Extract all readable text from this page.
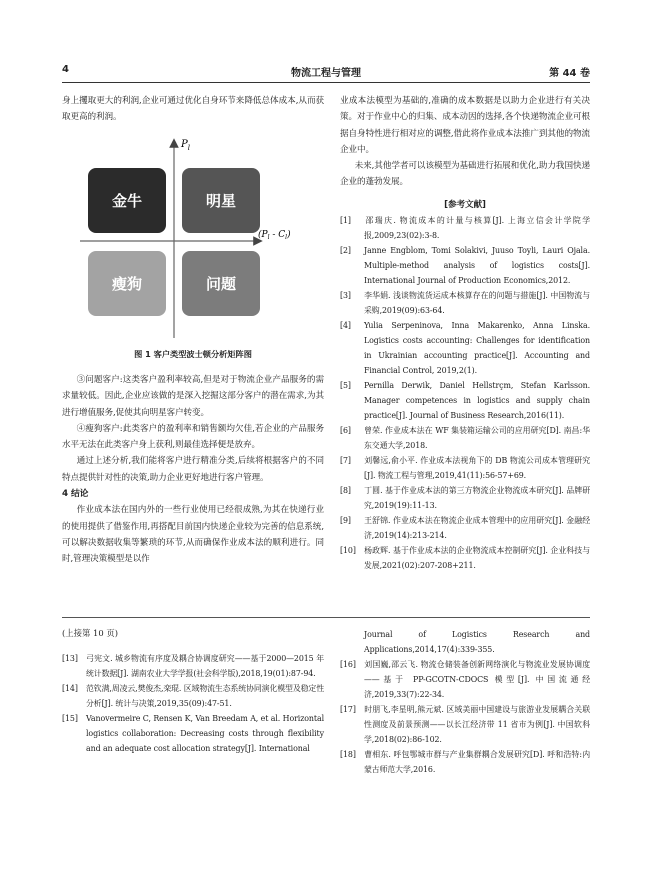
4	物流工程与管理	第 44 卷

身上攫取更大的利润,企业可通过优化自身环节来降低总体成本,从而获取更高的利润。

金牛	明星
瘦狗	问题
$P_l$
$(P_l - C_l)$
图 1 客户类型波士顿分析矩阵图

③问题客户:这类客户盈利率较高,但是对于物流企业产品服务的需求量较低。因此,企业应该做的是深入挖掘这部分客户的潜在需求,为其进行增值服务,促使其向明星客户转变。

④瘦狗客户:此类客户的盈利率和销售额均欠佳,若企业的产品服务水平无法在此类客户身上获利,则最佳选择便是放弃。

通过上述分析,我们能将客户进行精准分类,后续将根据客户的不同特点提供针对性的决策,助力企业更好地进行客户管理。

4 结论

作业成本法在国内外的一些行业使用已经很成熟,为其在快递行业的使用提供了借鉴作用,再搭配目前国内快递企业较为完善的信息系统,可以解决数据收集等繁琐的环节,从而确保作业成本法的顺利进行。同时,管理决策模型是以作

业成本法模型为基础的,准确的成本数据是以助力企业进行有关决策。对于作业中心的归集、成本动因的选择,各个快递物流企业可根据自身特性进行相对应的调整,借此将作业成本法推广到其他的物流企业中。

未来,其他学者可以该模型为基础进行拓展和优化,助力我国快递企业的蓬勃发展。

[参考文献]

[1] 邵瑞庆. 物流成本的计量与核算[J]. 上海立信会计学院学报,2009,23(02):3-8.

[2] Janne Engblom, Tomi Solakivi, Juuso Toyli, Lauri Ojala. Multiple-method analysis of logistics costs[J]. International Journal of Production Economics,2012.

[3] 李华娟. 浅谈物流货运成本核算存在的问题与措施[J]. 中国物流与采购,2019(09):63-64.

[4] Yulia Serpeninova, Inna Makarenko, Anna Linska. Logistics costs accounting: Challenges for identification in Ukrainian accounting practice[J]. Accounting and Financial Control, 2019,2(1).

[5] Pernilla Derwik, Daniel Hellstrçm, Stefan Karlsson. Manager competences in logistics and supply chain practice[J]. Journal of Business Research,2016(11).

[6] 曾荣. 作业成本法在 WF 集装箱运输公司的应用研究[D]. 南昌:华东交通大学,2018.

[7] 刘馨远,俞小平. 作业成本法视角下的 DB 物流公司成本管理研究[J]. 物流工程与管理,2019,41(11):56-57+69.

[8] 丁圆. 基于作业成本法的第三方物流企业物流成本研究[J]. 品牌研究,2019(19):11-13.

[9] 王舒锦. 作业成本法在物流企业成本管理中的应用研究[J]. 金融经济,2019(14):213-214.

[10] 杨政辉. 基于作业成本法的企业物流成本控制研究[J]. 企业科技与发展,2021(02):207-208+211.

(上接第 10 页)

[13] 弓宪文. 城乡物流有序度及耦合协调度研究——基于2000—2015 年统计数据[J]. 湖南农业大学学报(社会科学版),2018,19(01):87-94.

[14] 范钦满,周凌云,樊俊杰,栾琨. 区域物流生态系统协同演化模型及稳定性分析[J]. 统计与决策,2019,35(09):47-51.

[15] Vanovermeire C, Rensen K, Van Breedam A, et al. Horizontal logistics collaboration: Decreasing costs through flexibility and an adequate cost allocation strategy[J]. International

Journal of Logistics Research and Applications,2014,17(4):339-355.

[16] 刘国巍,邵云飞. 物流仓储装备创新网络演化与物流业发展协调度——基于 PP-GCOTN-CDOCS 模型[J]. 中国流通经济,2019,33(7):22-34.

[17] 时朋飞,李星明,熊元斌. 区域美丽中国建设与旅游业发展耦合关联性测度及前景预测——以长江经济带 11 省市为例[J]. 中国软科学,2018(02):86-102.

[18] 曹相东. 呼包鄂城市群与产业集群耦合发展研究[D]. 呼和浩特:内蒙古师范大学,2016.
